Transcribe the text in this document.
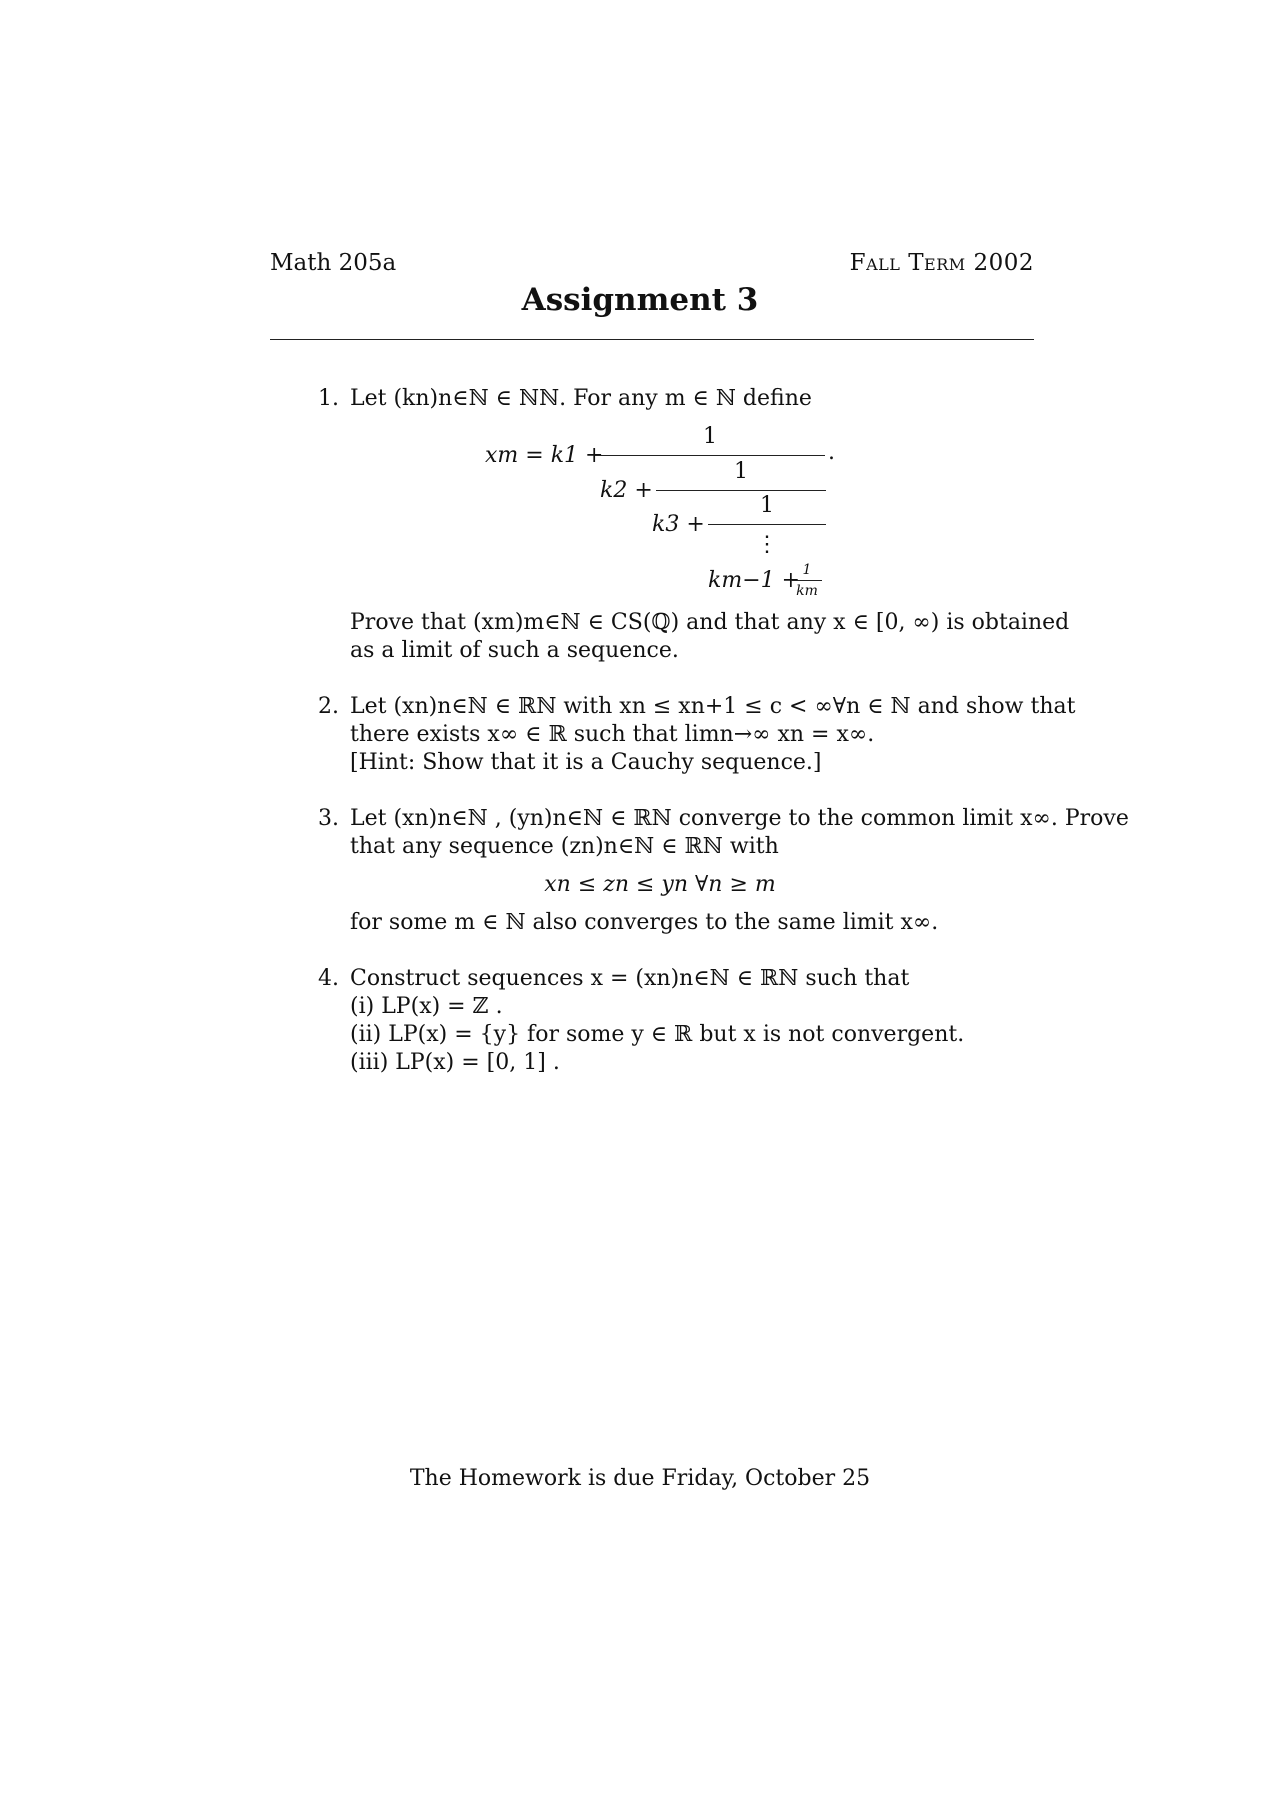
Math 205a	Fall Term 2002
Assignment 3
1. Let (kn)n∈ℕ ∈ ℕℕ. For any m ∈ ℕ define
xm = k1 +
1
.
k2 +
1
k3 +
1
⋮
km−1 + 1
km
Prove that (xm)m∈ℕ ∈ CS(ℚ) and that any x ∈ [0, ∞) is obtained
as a limit of such a sequence.
2. Let (xn)n∈ℕ ∈ ℝℕ with xn ≤ xn+1 ≤ c < ∞∀n ∈ ℕ and show that
there exists x∞ ∈ ℝ such that limn→∞ xn = x∞.
[Hint: Show that it is a Cauchy sequence.]
3. Let (xn)n∈ℕ , (yn)n∈ℕ ∈ ℝℕ converge to the common limit x∞. Prove
that any sequence (zn)n∈ℕ ∈ ℝℕ with
xn ≤ zn ≤ yn ∀n ≥ m
for some m ∈ ℕ also converges to the same limit x∞.
4. Construct sequences x = (xn)n∈ℕ ∈ ℝℕ such that
(i) LP(x) = ℤ .
(ii) LP(x) = {y} for some y ∈ ℝ but x is not convergent.
(iii) LP(x) = [0, 1] .
The Homework is due Friday, October 25
